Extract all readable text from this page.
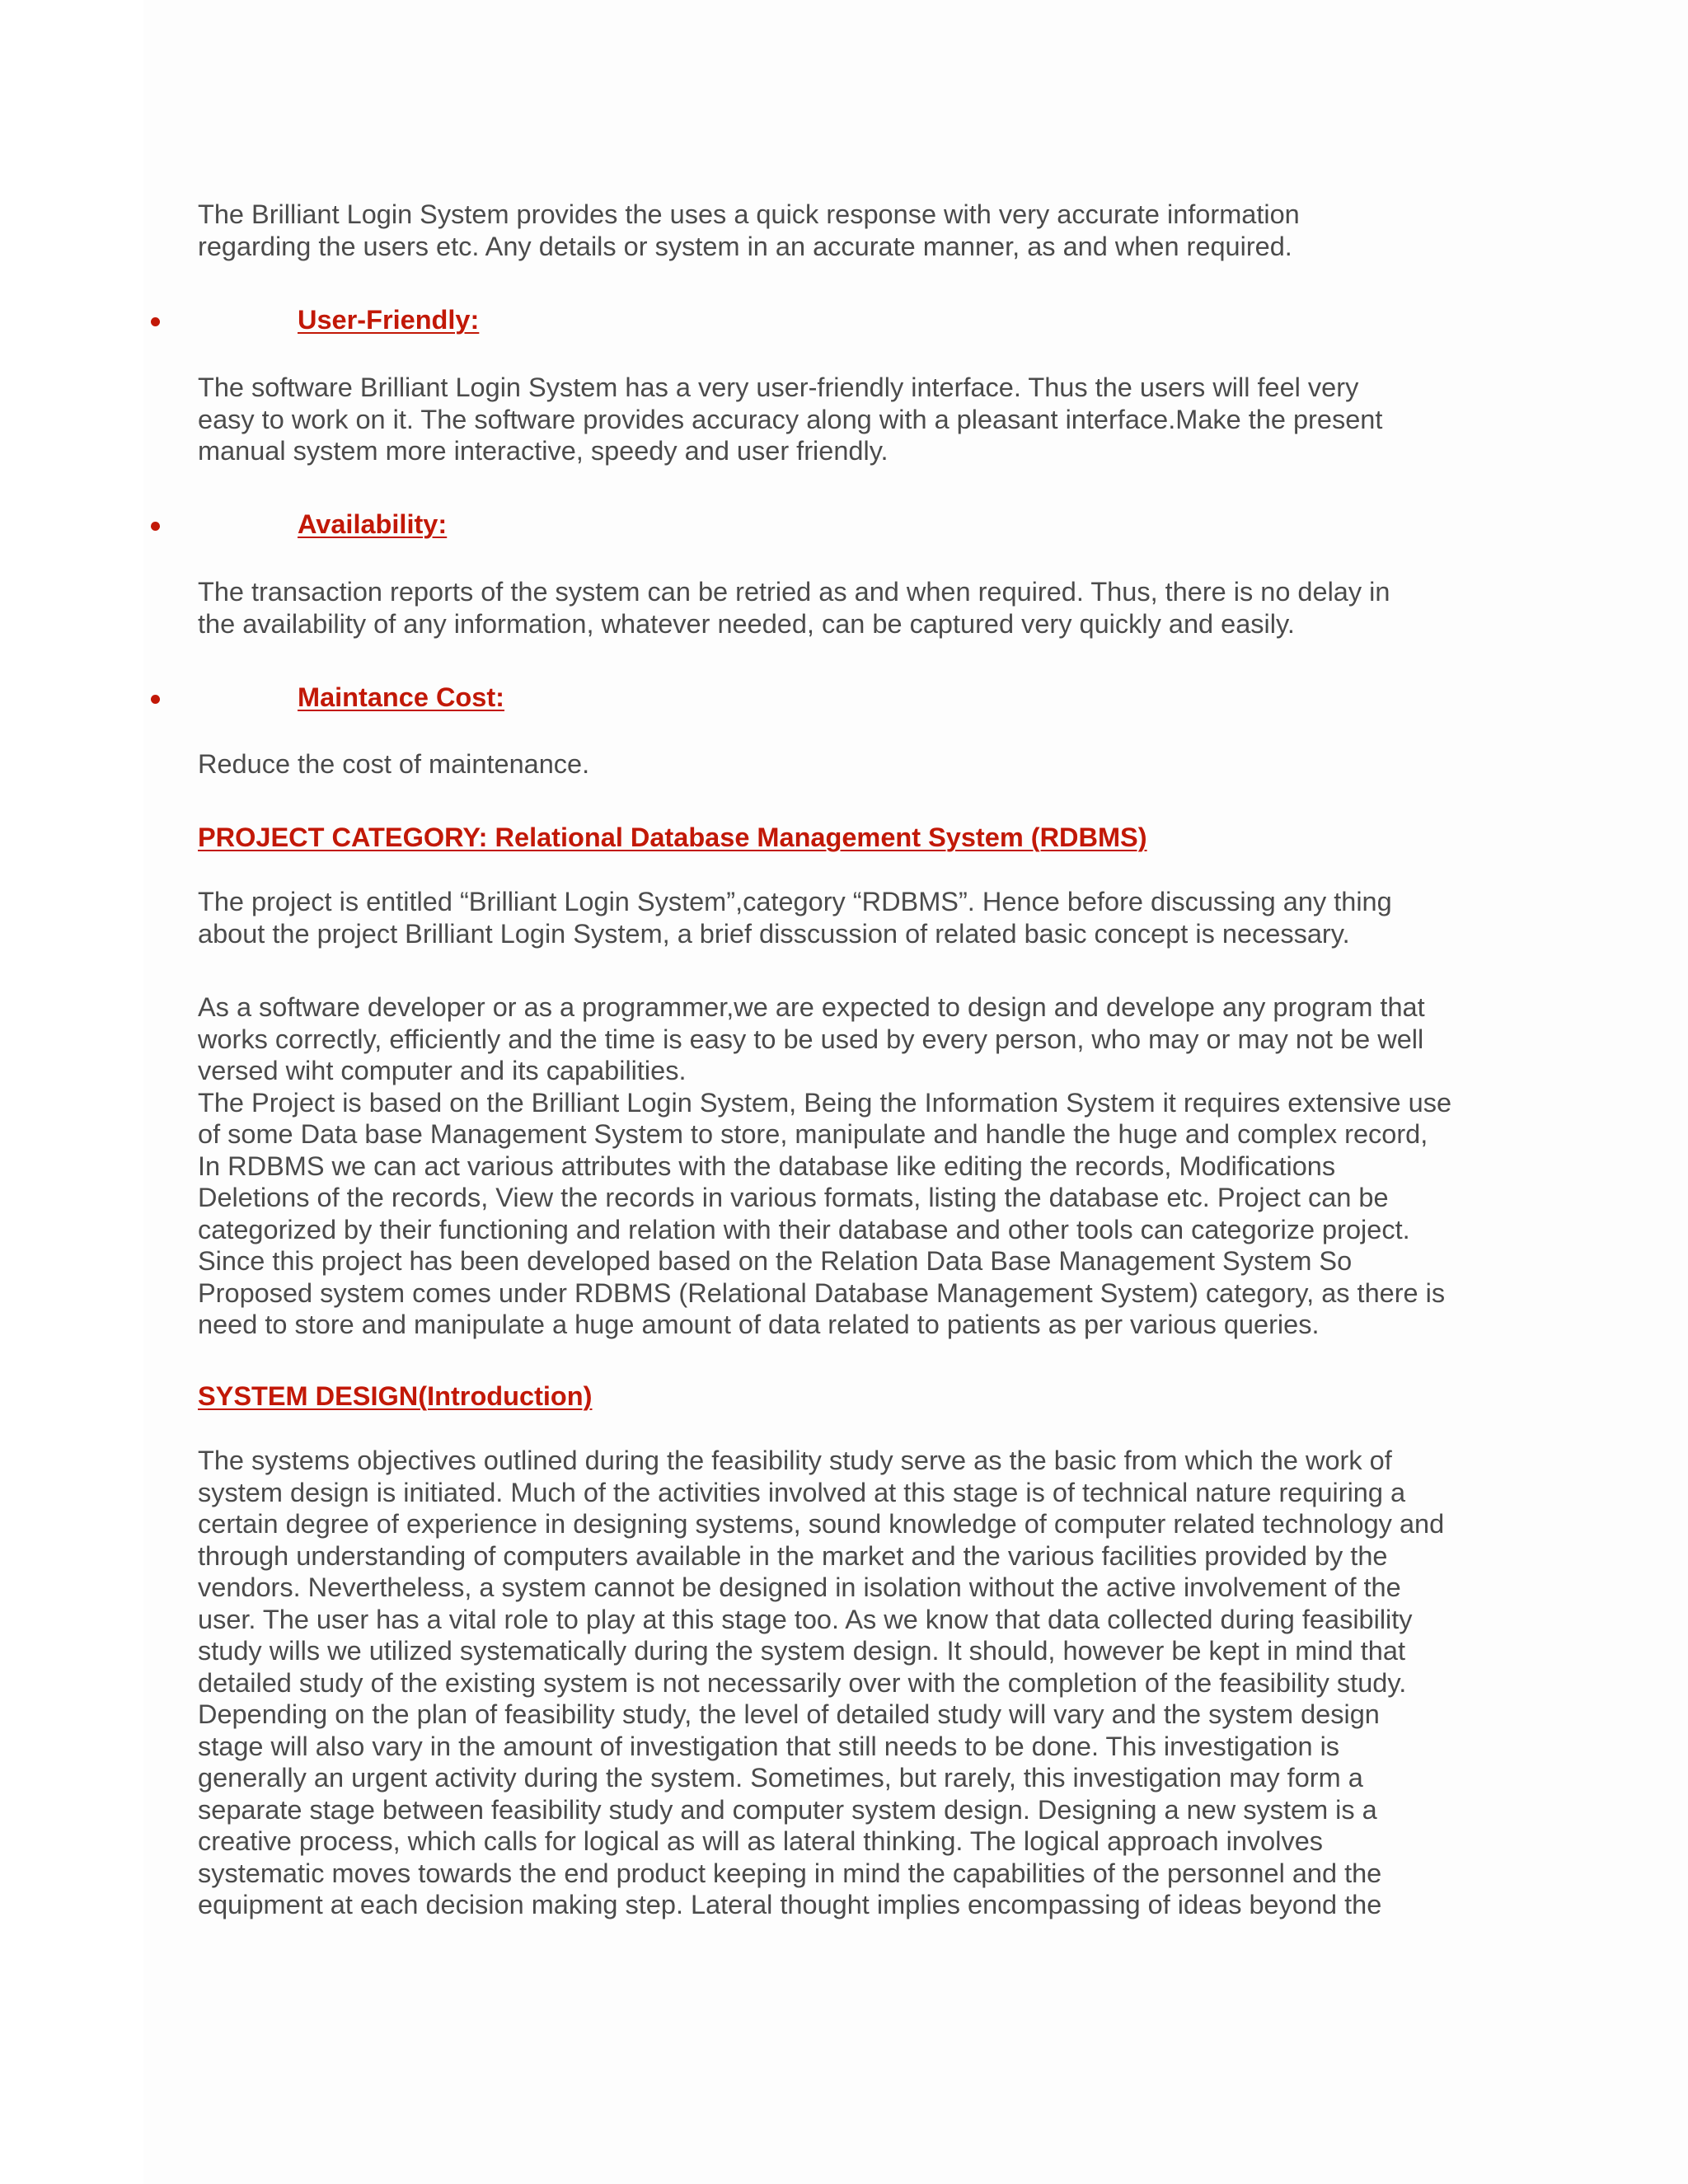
The Brilliant Login System provides the uses a quick response with very accurate information
regarding the users etc. Any details or system in an accurate manner, as and when required.

User-Friendly:

The software Brilliant Login System has a very user-friendly interface. Thus the users will feel very
easy to work on it. The software provides accuracy along with a pleasant interface.Make the present
manual system more interactive, speedy and user friendly.

Availability:

The transaction reports of the system can be retried as and when required. Thus, there is no delay in
the availability of any information, whatever needed, can be captured very quickly and easily.

Maintance Cost:

Reduce the cost of maintenance.

PROJECT CATEGORY: Relational Database Management System (RDBMS)

The project is entitled “Brilliant Login System”,category “RDBMS”. Hence before discussing any thing
about the project Brilliant Login System, a brief disscussion of related basic concept is necessary.

As a software developer or as a programmer,we are expected to design and develope any program that
works correctly, efficiently and the time is easy to be used by every person, who may or may not be well
versed wiht computer and its capabilities.
The Project is based on the Brilliant Login System, Being the Information System it requires extensive use
of some Data base Management System to store, manipulate and handle the huge and complex record,
In RDBMS we can act various attributes with the database like editing the records, Modifications
Deletions of the records, View the records in various formats, listing the database etc. Project can be
categorized by their functioning and relation with their database and other tools can categorize project.
Since this project has been developed based on the Relation Data Base Management System So
Proposed system comes under RDBMS (Relational Database Management System) category, as there is
need to store and manipulate a huge amount of data related to patients as per various queries.

SYSTEM DESIGN(Introduction)

The systems objectives outlined during the feasibility study serve as the basic from which the work of
system design is initiated. Much of the activities involved at this stage is of technical nature requiring a
certain degree of experience in designing systems, sound knowledge of computer related technology and
through understanding of computers available in the market and the various facilities provided by the
vendors. Nevertheless, a system cannot be designed in isolation without the active involvement of the
user. The user has a vital role to play at this stage too. As we know that data collected during feasibility
study wills we utilized systematically during the system design. It should, however be kept in mind that
detailed study of the existing system is not necessarily over with the completion of the feasibility study.
Depending on the plan of feasibility study, the level of detailed study will vary and the system design
stage will also vary in the amount of investigation that still needs to be done. This investigation is
generally an urgent activity during the system. Sometimes, but rarely, this investigation may form a
separate stage between feasibility study and computer system design. Designing a new system is a
creative process, which calls for logical as will as lateral thinking. The logical approach involves
systematic moves towards the end product keeping in mind the capabilities of the personnel and the
equipment at each decision making step. Lateral thought implies encompassing of ideas beyond the
